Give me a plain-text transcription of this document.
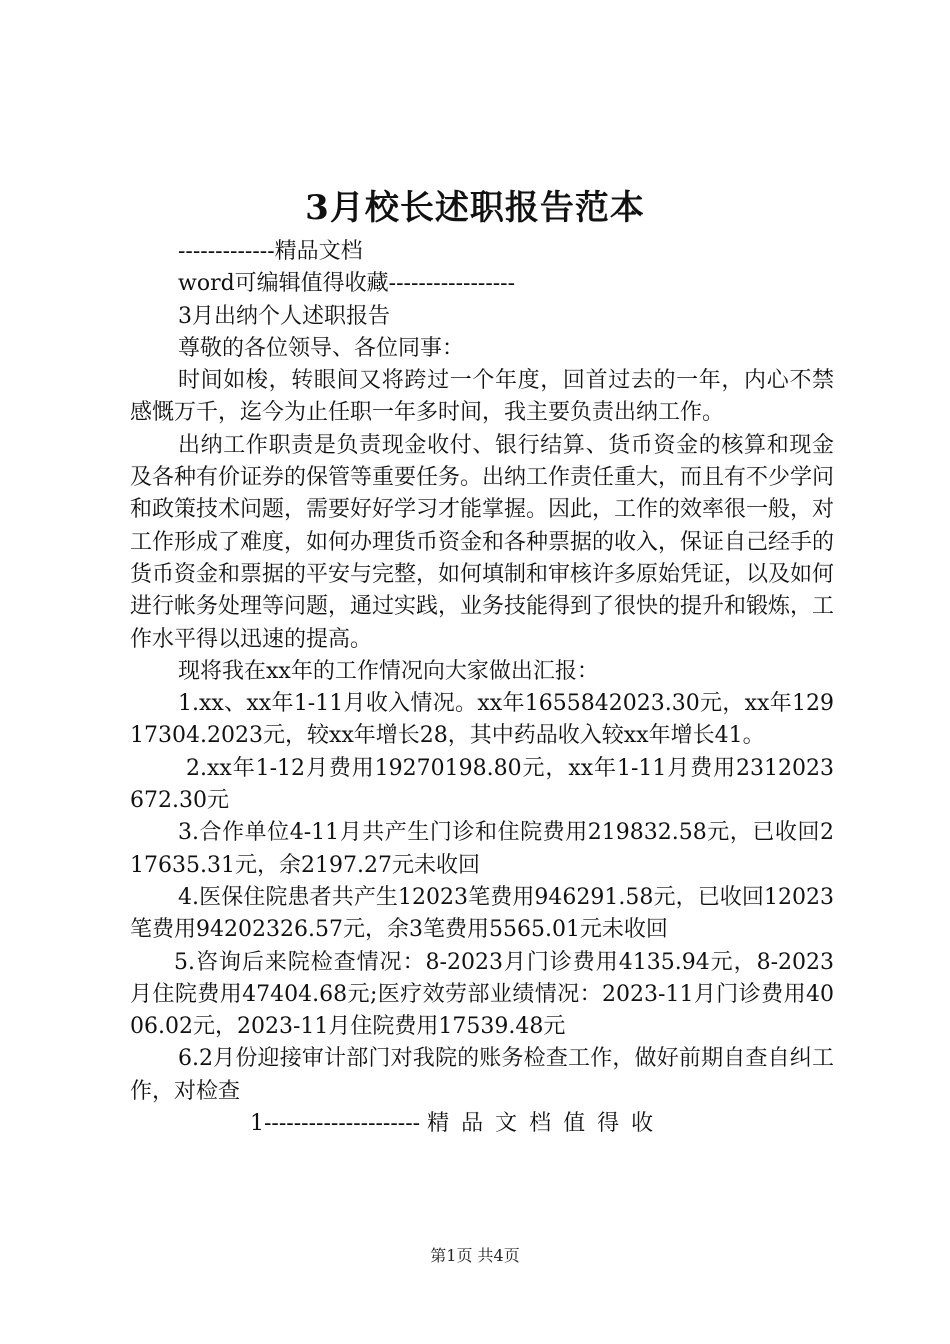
3月校长述职报告范本

-------------精品文档

word可编辑值得收藏-----------------

3月出纳个人述职报告

尊敬的各位领导、各位同事：

时间如梭，转眼间又将跨过一个年度，回首过去的一年，内心不禁感慨万千，迄今为止任职一年多时间，我主要负责出纳工作。

出纳工作职责是负责现金收付、银行结算、货币资金的核算和现金及各种有价证券的保管等重要任务。出纳工作责任重大，而且有不少学问和政策技术问题，需要好好学习才能掌握。因此，工作的效率很一般，对工作形成了难度，如何办理货币资金和各种票据的收入，保证自己经手的货币资金和票据的平安与完整，如何填制和审核许多原始凭证，以及如何进行帐务处理等问题，通过实践，业务技能得到了很快的提升和锻炼，工作水平得以迅速的提高。

现将我在xx年的工作情况向大家做出汇报：

1.xx、xx年1-11月收入情况。xx年1655842023.30元，xx年12917304.2023元，较xx年增长28，其中药品收入较xx年增长41。

2.xx年1-12月费用19270198.80元，xx年1-11月费用2312023672.30元

3.合作单位4-11月共产生门诊和住院费用219832.58元，已收回217635.31元，余2197.27元未收回

4.医保住院患者共产生12023笔费用946291.58元，已收回12023笔费用94202326.57元，余3笔费用5565.01元未收回

5.咨询后来院检查情况：8-2023月门诊费用4135.94元，8-2023月住院费用47404.68元;医疗效劳部业绩情况：2023-11月门诊费用4006.02元，2023-11月住院费用17539.48元

6.2月份迎接审计部门对我院的账务检查工作，做好前期自查自纠工作，对检查

1--------------------- 精品文档值得收

第1页 共4页
